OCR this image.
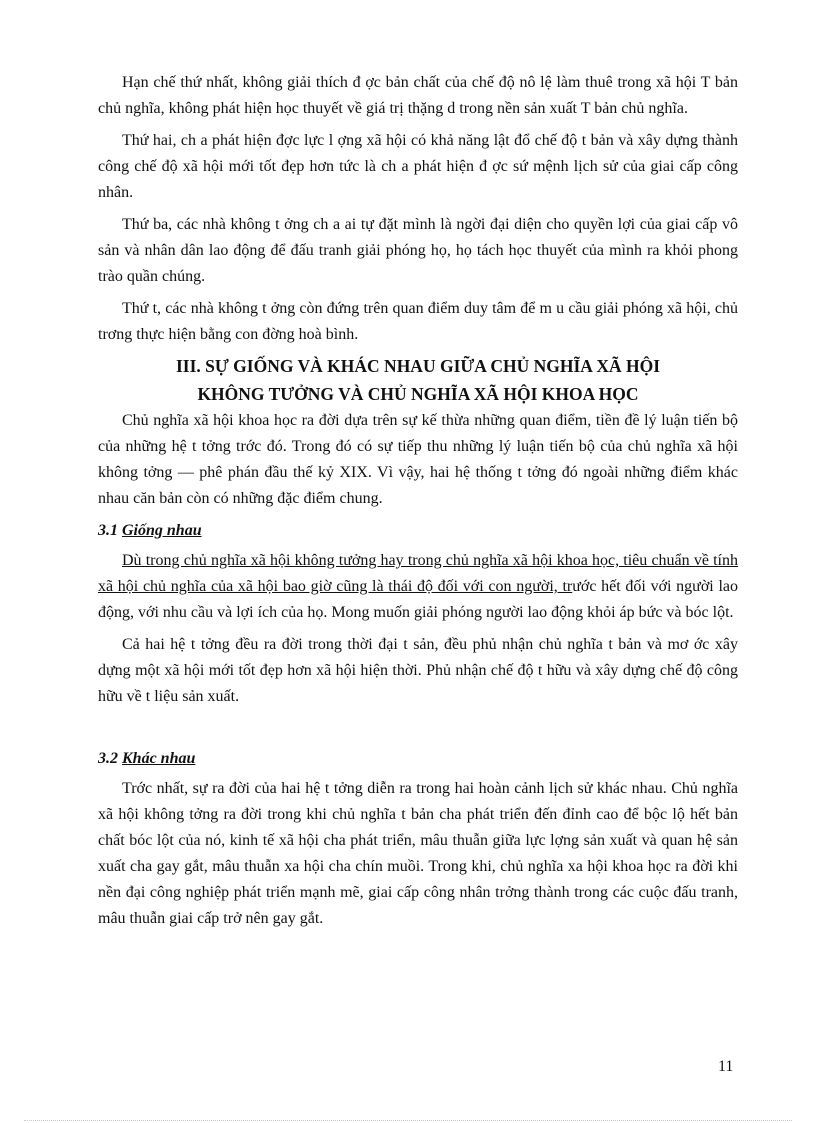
Hạn chế thứ nhất, không giải thích đ ợc bản chất của chế độ nô lệ làm thuê trong xã hội T bản chủ nghĩa, không phát hiện học thuyết về giá trị thặng d trong nền sản xuất T bản chủ nghĩa.

Thứ hai, ch a phát hiện đợc lực l ợng xã hội có khả năng lật đổ chế độ t bản và xây dựng thành công chế độ xã hội mới tốt đẹp hơn tức là ch a phát hiện đ ợc sứ mệnh lịch sử của giai cấp công nhân.

Thứ ba, các nhà không t ởng ch a ai tự đặt mình là ngời đại diện cho quyền lợi của giai cấp vô sản và nhân dân lao động để đấu tranh giải phóng họ, họ tách học thuyết của mình ra khỏi phong trào quần chúng.

Thứ t, các nhà không t ởng còn đứng trên quan điểm duy tâm để m u cầu giải phóng xã hội, chủ trơng thực hiện bằng con đờng hoà bình.

III. SỰ GIỐNG VÀ KHÁC NHAU GIỮA CHỦ NGHĨA XÃ HỘI
KHÔNG TƯỞNG VÀ CHỦ NGHĨA XÃ HỘI KHOA HỌC

Chủ nghĩa xã hội khoa học ra đời dựa trên sự kế thừa những quan điểm, tiền đề lý luận tiến bộ của những hệ t tởng trớc đó. Trong đó có sự tiếp thu những lý luận tiến bộ của chủ nghĩa xã hội không tởng — phê phán đầu thế kỷ XIX. Vì vậy, hai hệ thống t tởng đó ngoài những điểm khác nhau căn bản còn có những đặc điểm chung.

3.1 Giống nhau

Dù trong chủ nghĩa xã hội không tưởng hay trong chủ nghĩa xã hội khoa học, tiêu chuẩn về tính xã hội chủ nghĩa của xã hội bao giờ cũng là thái độ đối với con người, trước hết đối với người lao động, với nhu cầu và lợi ích của họ. Mong muốn giải phóng người lao động khỏi áp bức và bóc lột.

Cả hai hệ t tởng đều ra đời trong thời đại t sản, đều phủ nhận chủ nghĩa t bản và mơ ớc xây dựng một xã hội mới tốt đẹp hơn xã hội hiện thời. Phủ nhận chế độ t hữu và xây dựng chế độ công hữu về t liệu sản xuất.

3.2 Khác nhau

Trớc nhất, sự ra đời của hai hệ t tởng diễn ra trong hai hoàn cảnh lịch sử khác nhau. Chủ nghĩa xã hội không tởng ra đời trong khi chủ nghĩa t bản cha phát triển đến đỉnh cao để bộc lộ hết bản chất bóc lột của nó, kinh tế xã hội cha phát triển, mâu thuẫn giữa lực lợng sản xuất và quan hệ sản xuất cha gay gắt, mâu thuẫn xa hội cha chín muồi. Trong khi, chủ nghĩa xa hội khoa học ra đời khi nền đại công nghiệp phát triển mạnh mẽ, giai cấp công nhân trởng thành trong các cuộc đấu tranh, mâu thuẫn giai cấp trở nên gay gắt.

11
